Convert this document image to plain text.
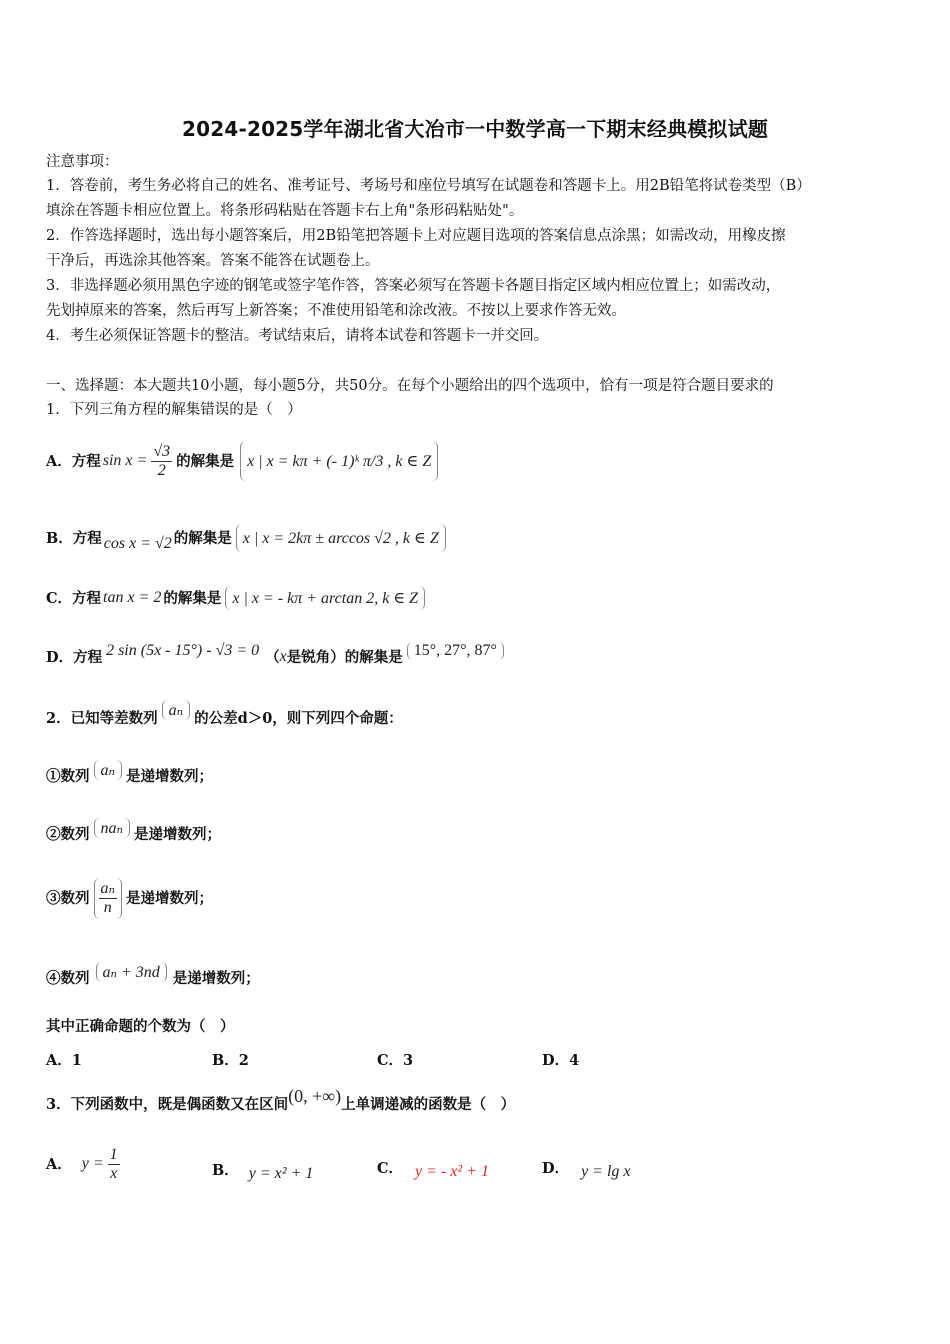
2024-2025学年湖北省大冶市一中数学高一下期末经典模拟试题
注意事项：
1．答卷前，考生务必将自己的姓名、准考证号、考场号和座位号填写在试题卷和答题卡上。用2B铅笔将试卷类型（B）
填涂在答题卡相应位置上。将条形码粘贴在答题卡右上角"条形码粘贴处"。
2．作答选择题时，选出每小题答案后，用2B铅笔把答题卡上对应题目选项的答案信息点涂黑；如需改动，用橡皮擦
干净后，再选涂其他答案。答案不能答在试题卷上。
3．非选择题必须用黑色字迹的钢笔或签字笔作答，答案必须写在答题卡各题目指定区域内相应位置上；如需改动，
先划掉原来的答案，然后再写上新答案；不准使用铅笔和涂改液。不按以上要求作答无效。
4．考生必须保证答题卡的整洁。考试结束后，请将本试卷和答题卡一并交回。
一、选择题：本大题共10小题，每小题5分，共50分。在每个小题给出的四个选项中，恰有一项是符合题目要求的
1．下列三角方程的解集错误的是（　）
A．方程 $\sin x = \frac{√3}{2}$ 的解集是 x | x = kπ + (- 1)ᵏ π/3 , k ∈ Z
B．方程 cos x = √2 的解集是 x | x = 2kπ ± arccos √2 , k ∈ Z
C．方程 tan x = 2 的解集是 x | x = - kπ + arctan 2, k ∈ Z
D．方程 2 sin (5x - 15°) - √3 = 0 （ x 是锐角）的解集是 15°, 27°, 87°
2．已知等差数列 aₙ 的公差d＞0，则下列四个命题：
①数列 aₙ 是递增数列；
②数列 naₙ 是递增数列；
③数列 $\frac{\text{aₙ}}{n}$ 是递增数列；
④数列 aₙ + 3nd 是递增数列；
其中正确命题的个数为（　）
A．1	B．2	C．3	D．4
3．下列函数中，既是偶函数又在区间 (0, +∞) 上单调递减的函数是（　）
A． $y = \frac{1}{x}$	B． y = x² + 1	C． y = - x² + 1	D． y = lg x
